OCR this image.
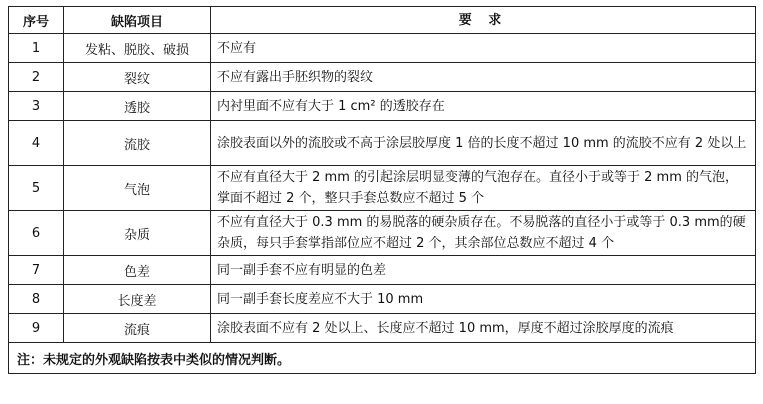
序号	缺陷项目	要 求
1	发粘、脱胶、破损	不应有
2	裂纹	不应有露出手胚织物的裂纹
3	透胶	内衬里面不应有大于 1 cm² 的透胶存在
4	流胶	涂胶表面以外的流胶或不高于涂层胶厚度 1 倍的长度不超过 10 mm 的流胶不应有 2 处以上
5	气泡	不应有直径大于 2 mm 的引起涂层明显变薄的气泡存在。直径小于或等于 2 mm 的气泡，掌面不超过 2 个，整只手套总数应不超过 5 个
6	杂质	不应有直径大于 0.3 mm 的易脱落的硬杂质存在。不易脱落的直径小于或等于 0.3 mm的硬杂质，每只手套掌指部位应不超过 2 个，其余部位总数应不超过 4 个
7	色差	同一副手套不应有明显的色差
8	长度差	同一副手套长度差应不大于 10 mm
9	流痕	涂胶表面不应有 2 处以上、长度应不超过 10 mm，厚度不超过涂胶厚度的流痕
注：未规定的外观缺陷按表中类似的情况判断。		
